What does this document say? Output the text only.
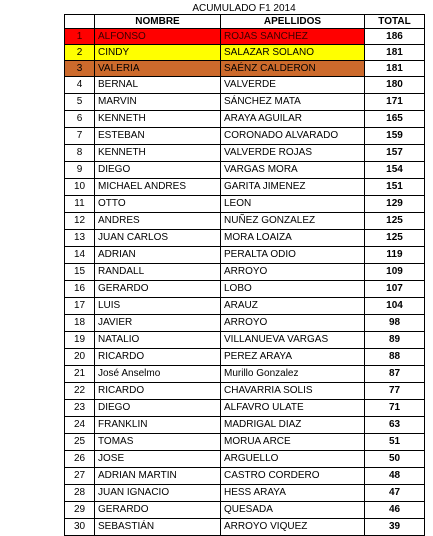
ACUMULADO F1 2014
	NOMBRE	APELLIDOS	TOTAL
1	ALFONSO	ROJAS SANCHEZ	186
2	CINDY	SALAZAR SOLANO	181
3	VALERIA	SAÉNZ CALDERON	181
4	BERNAL	VALVERDE	180
5	MARVIN	SÁNCHEZ MATA	171
6	KENNETH	ARAYA AGUILAR	165
7	ESTEBAN	CORONADO ALVARADO	159
8	KENNETH	VALVERDE ROJAS	157
9	DIEGO	VARGAS MORA	154
10	MICHAEL ANDRES	GARITA JIMENEZ	151
11	OTTO	LEON	129
12	ANDRES	NUÑEZ GONZALEZ	125
13	JUAN CARLOS	MORA LOAIZA	125
14	ADRIAN	PERALTA ODIO	119
15	RANDALL	ARROYO	109
16	GERARDO	LOBO	107
17	LUIS	ARAUZ	104
18	JAVIER	ARROYO	98
19	NATALIO	VILLANUEVA VARGAS	89
20	RICARDO	PEREZ ARAYA	88
21	José Anselmo	Murillo Gonzalez	87
22	RICARDO	CHAVARRIA SOLIS	77
23	DIEGO	ALFAVRO ULATE	71
24	FRANKLIN	MADRIGAL DIAZ	63
25	TOMAS	MORUA ARCE	51
26	JOSE	ARGUELLO	50
27	ADRIAN MARTIN	CASTRO CORDERO	48
28	JUAN IGNACIO	HESS ARAYA	47
29	GERARDO	QUESADA	46
30	SEBASTIÁN	ARROYO VIQUEZ	39
